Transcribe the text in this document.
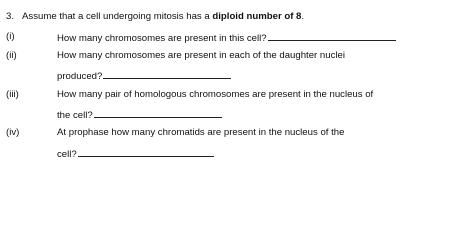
3. Assume that a cell undergoing mitosis has a diploid number of 8.
(i)	How many chromosomes are present in this cell?
(ii)	How many chromosomes are present in each of the daughter nuclei
produced?
(iii)	How many pair of homologous chromosomes are present in the nucleus of
the cell?
(iv)	At prophase how many chromatids are present in the nucleus of the
cell?
